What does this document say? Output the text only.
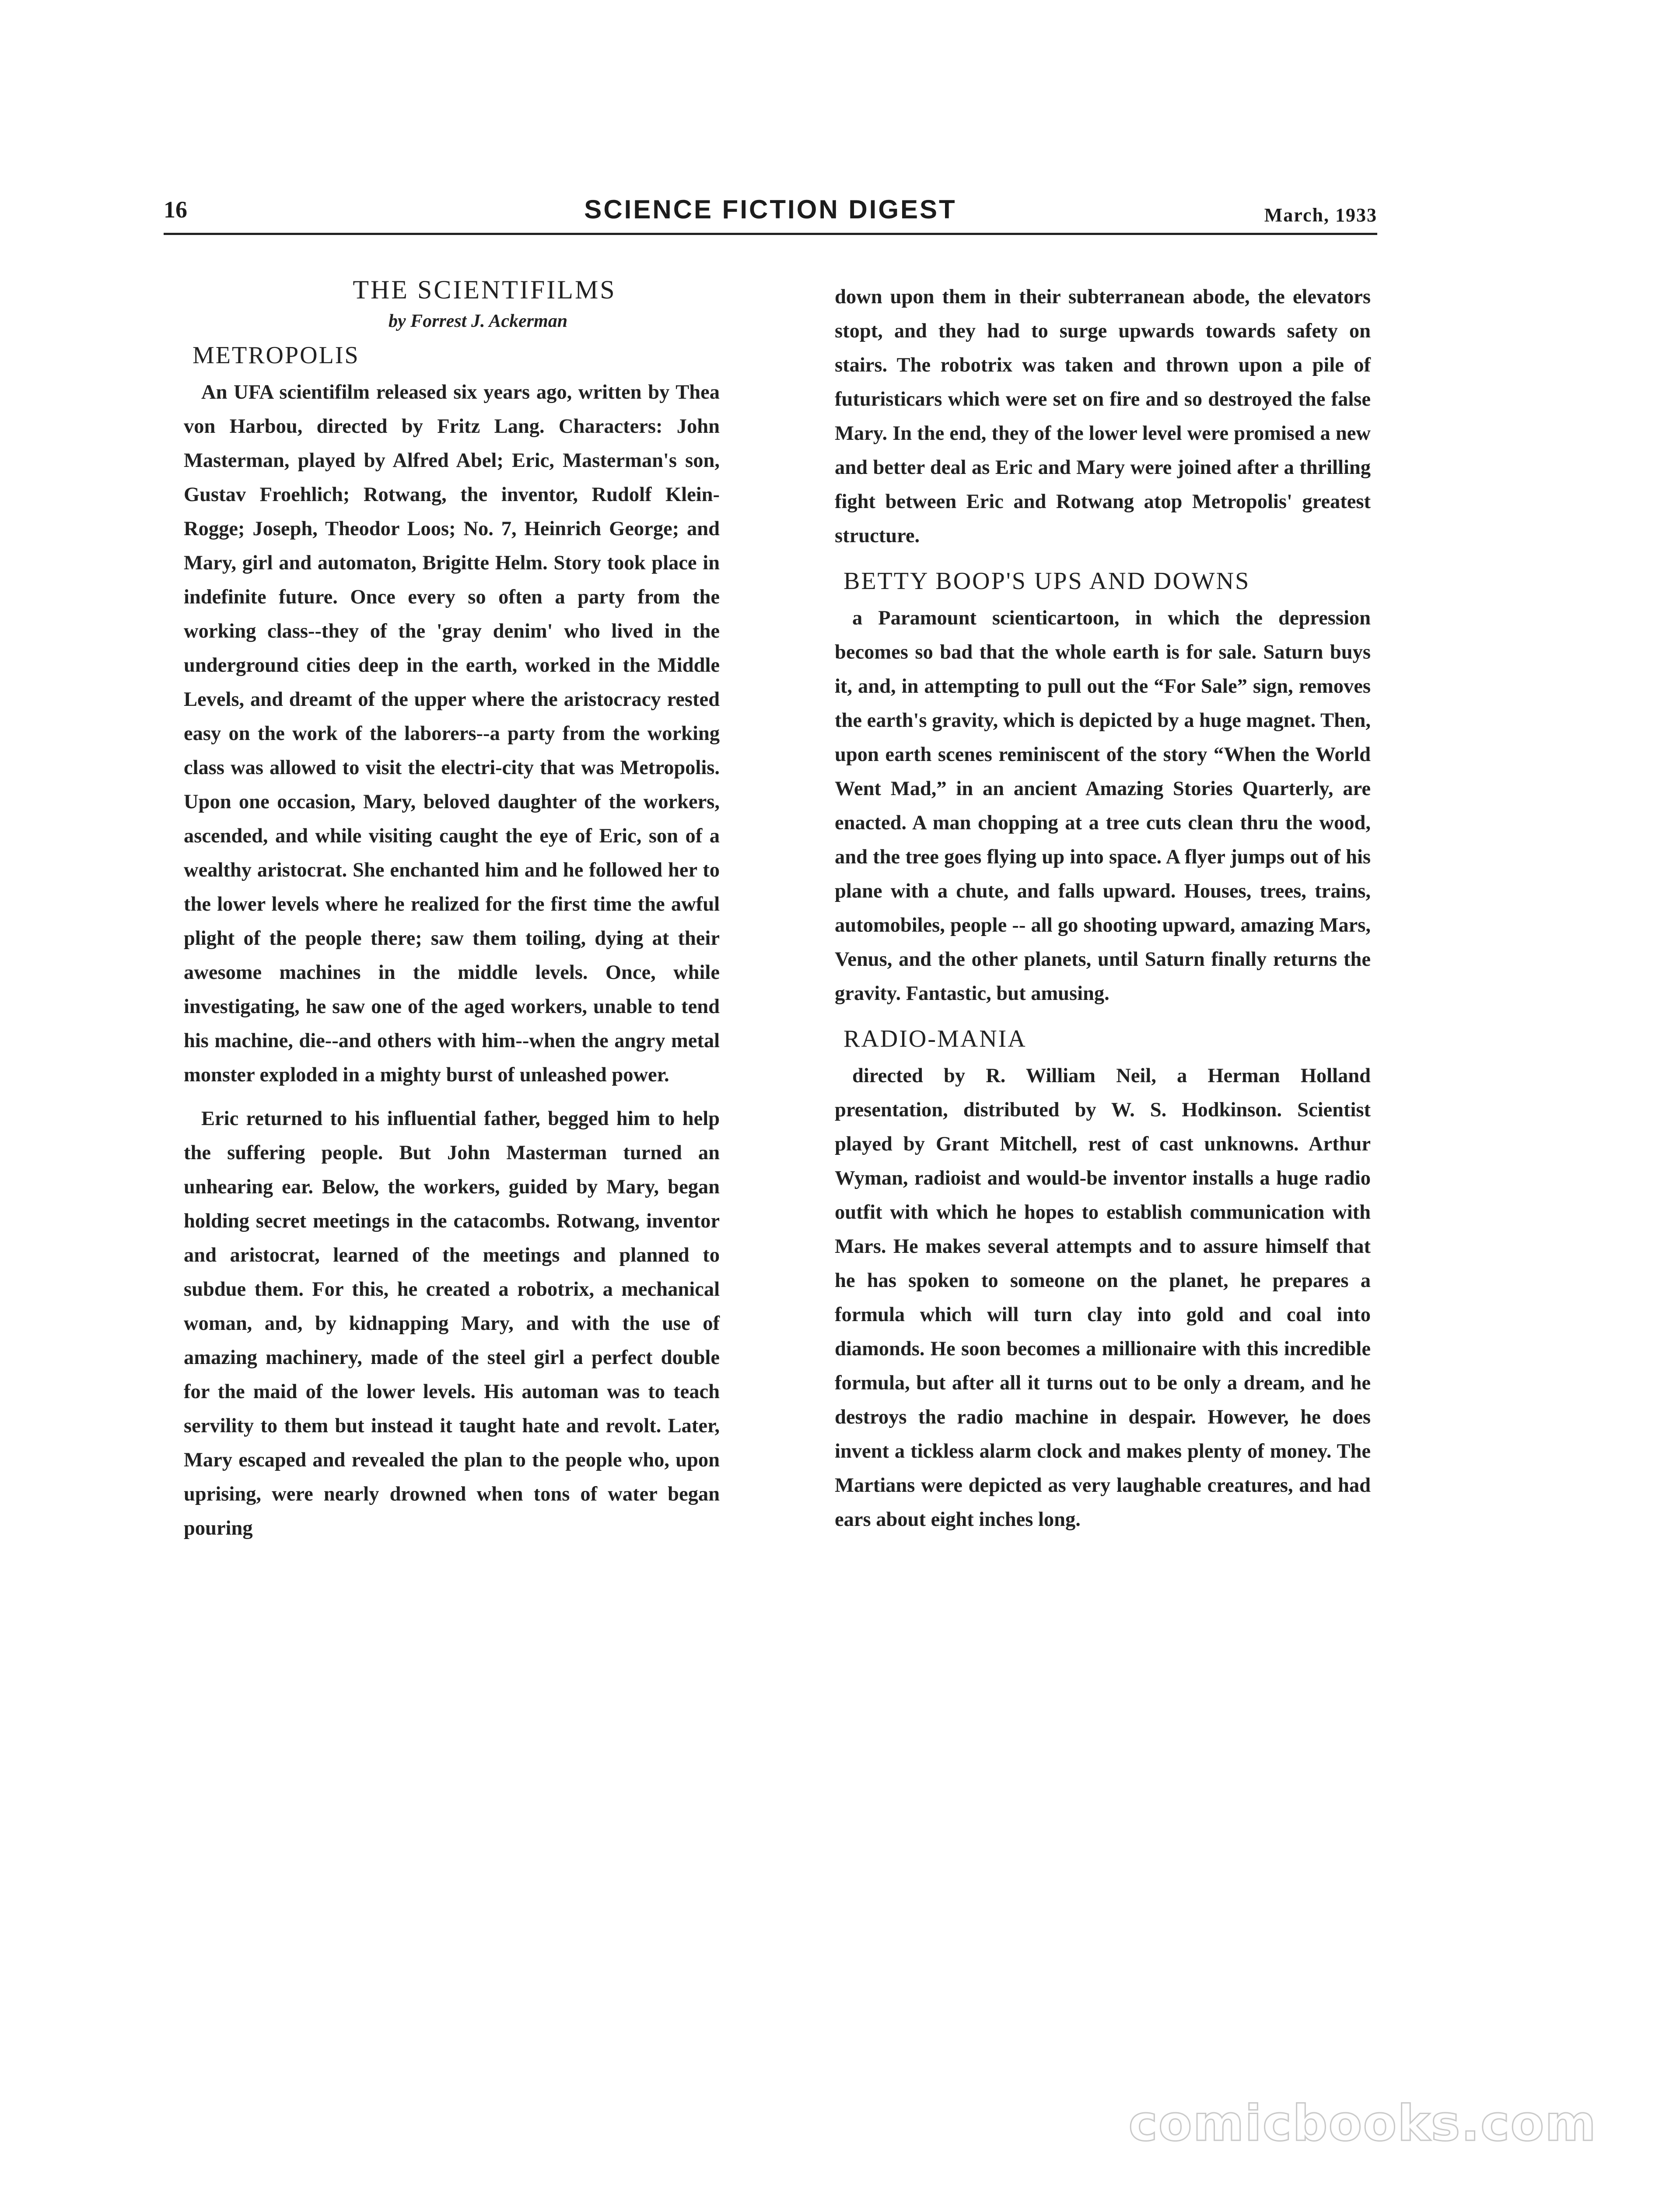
16	SCIENCE FICTION DIGEST	March, 1933
THE SCIENTIFILMS
by Forrest J. Ackerman
METROPOLIS

An UFA scientifilm released six years ago, written by Thea von Harbou, directed by Fritz Lang. Characters: John Masterman, played by Alfred Abel; Eric, Masterman's son, Gustav Froehlich; Rotwang, the inventor, Rudolf Klein-Rogge; Joseph, Theodor Loos; No. 7, Heinrich George; and Mary, girl and automaton, Brigitte Helm. Story took place in indefinite future. Once every so often a party from the working class--they of the 'gray denim' who lived in the underground cities deep in the earth, worked in the Middle Levels, and dreamt of the upper where the aristocracy rested easy on the work of the laborers--a party from the working class was allowed to visit the electri-city that was Metropolis. Upon one occasion, Mary, beloved daughter of the workers, ascended, and while visiting caught the eye of Eric, son of a wealthy aristocrat. She enchanted him and he followed her to the lower levels where he realized for the first time the awful plight of the people there; saw them toiling, dying at their awesome machines in the middle levels. Once, while investigating, he saw one of the aged workers, unable to tend his machine, die--and others with him--when the angry metal monster exploded in a mighty burst of unleashed power.

Eric returned to his influential father, begged him to help the suffering people. But John Masterman turned an unhearing ear. Below, the workers, guided by Mary, began holding secret meetings in the catacombs. Rotwang, inventor and aristocrat, learned of the meetings and planned to subdue them. For this, he created a robotrix, a mechanical woman, and, by kidnapping Mary, and with the use of amazing machinery, made of the steel girl a perfect double for the maid of the lower levels. His automan was to teach servility to them but instead it taught hate and revolt. Later, Mary escaped and revealed the plan to the people who, upon uprising, were nearly drowned when tons of water began pouring

down upon them in their subterranean abode, the elevators stopt, and they had to surge upwards towards safety on stairs. The robotrix was taken and thrown upon a pile of futuristicars which were set on fire and so destroyed the false Mary. In the end, they of the lower level were promised a new and better deal as Eric and Mary were joined after a thrilling fight between Eric and Rotwang atop Metropolis' greatest structure.

BETTY BOOP'S UPS AND DOWNS

a Paramount scienticartoon, in which the depression becomes so bad that the whole earth is for sale. Saturn buys it, and, in attempting to pull out the “For Sale” sign, removes the earth's gravity, which is depicted by a huge magnet. Then, upon earth scenes reminiscent of the story “When the World Went Mad,” in an ancient Amazing Stories Quarterly, are enacted. A man chopping at a tree cuts clean thru the wood, and the tree goes flying up into space. A flyer jumps out of his plane with a chute, and falls upward. Houses, trees, trains, automobiles, people -- all go shooting upward, amazing Mars, Venus, and the other planets, until Saturn finally returns the gravity. Fantastic, but amusing.

RADIO-MANIA

directed by R. William Neil, a Herman Holland presentation, distributed by W. S. Hodkinson. Scientist played by Grant Mitchell, rest of cast unknowns. Arthur Wyman, radioist and would-be inventor installs a huge radio outfit with which he hopes to establish communication with Mars. He makes several attempts and to assure himself that he has spoken to someone on the planet, he prepares a formula which will turn clay into gold and coal into diamonds. He soon becomes a millionaire with this incredible formula, but after all it turns out to be only a dream, and he destroys the radio machine in despair. However, he does invent a tickless alarm clock and makes plenty of money. The Martians were depicted as very laughable creatures, and had ears about eight inches long.

comicbooks.com
